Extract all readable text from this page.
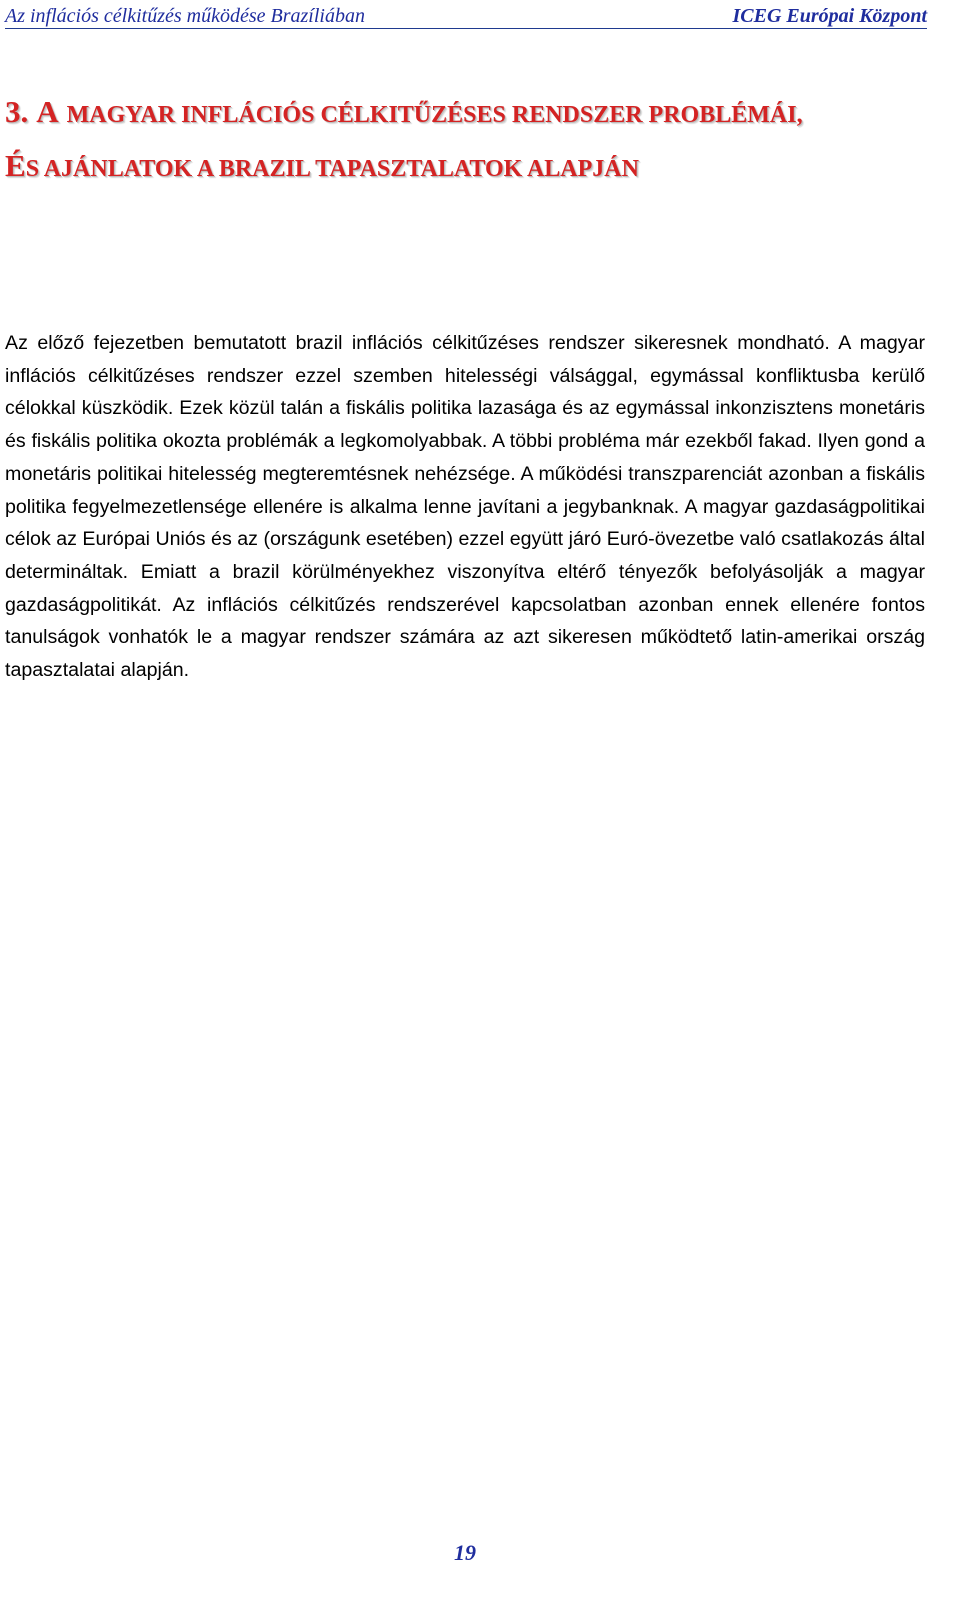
Az inflációs célkitűzés működése Brazíliában	ICEG Európai Központ
3. A MAGYAR INFLÁCIÓS CÉLKITŰZÉSES RENDSZER PROBLÉMÁI,
ÉS AJÁNLATOK A BRAZIL TAPASZTALATOK ALAPJÁN

Az előző fejezetben bemutatott brazil inflációs célkitűzéses rendszer sikeresnek mondható. A magyar inflációs célkitűzéses rendszer ezzel szemben hitelességi válsággal, egymással konfliktusba kerülő célokkal küszködik. Ezek közül talán a fiskális politika lazasága és az egymással inkonzisztens monetáris és fiskális politika okozta problémák a legkomolyabbak. A többi probléma már ezekből fakad. Ilyen gond a monetáris politikai hitelesség megteremtésnek nehézsége. A működési transzparenciát azonban a fiskális politika fegyelmezetlensége ellenére is alkalma lenne javítani a jegybanknak. A magyar gazdaságpolitikai célok az Európai Uniós és az (országunk esetében) ezzel együtt járó Euró-övezetbe való csatlakozás által determináltak. Emiatt a brazil körülményekhez viszonyítva eltérő tényezők befolyásolják a magyar gazdaságpolitikát. Az inflációs célkitűzés rendszerével kapcsolatban azonban ennek ellenére fontos tanulságok vonhatók le a magyar rendszer számára az azt sikeresen működtető latin-amerikai ország tapasztalatai alapján.

19
